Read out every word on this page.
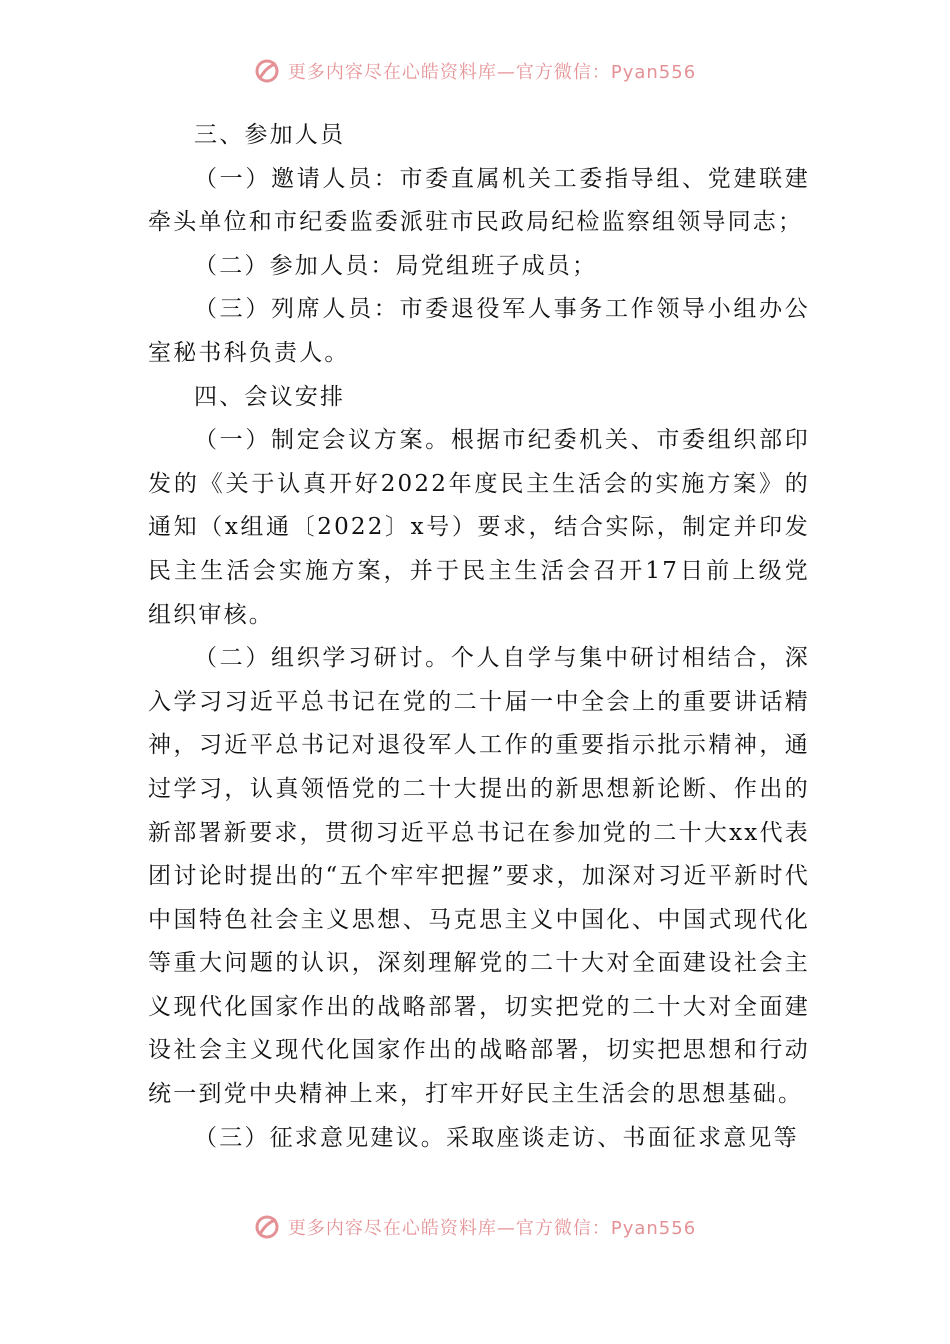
更多内容尽在心皓资料库—官方微信：Pyan556

三、参加人员

（一）邀请人员：市委直属机关工委指导组、党建联建牵头单位和市纪委监委派驻市民政局纪检监察组领导同志；

（二）参加人员：局党组班子成员；

（三）列席人员：市委退役军人事务工作领导小组办公室秘书科负责人。

四、会议安排

（一）制定会议方案。根据市纪委机关、市委组织部印发的《关于认真开好2022年度民主生活会的实施方案》的通知（x组通〔2022〕x号）要求，结合实际，制定并印发民主生活会实施方案，并于民主生活会召开17日前上级党组织审核。

（二）组织学习研讨。个人自学与集中研讨相结合，深入学习习近平总书记在党的二十届一中全会上的重要讲话精神，习近平总书记对退役军人工作的重要指示批示精神，通过学习，认真领悟党的二十大提出的新思想新论断、作出的新部署新要求，贯彻习近平总书记在参加党的二十大xx代表团讨论时提出的“五个牢牢把握”要求，加深对习近平新时代中国特色社会主义思想、马克思主义中国化、中国式现代化等重大问题的认识，深刻理解党的二十大对全面建设社会主义现代化国家作出的战略部署，切实把党的二十大对全面建设社会主义现代化国家作出的战略部署，切实把思想和行动统一到党中央精神上来，打牢开好民主生活会的思想基础。

（三）征求意见建议。采取座谈走访、书面征求意见等

更多内容尽在心皓资料库—官方微信：Pyan556
